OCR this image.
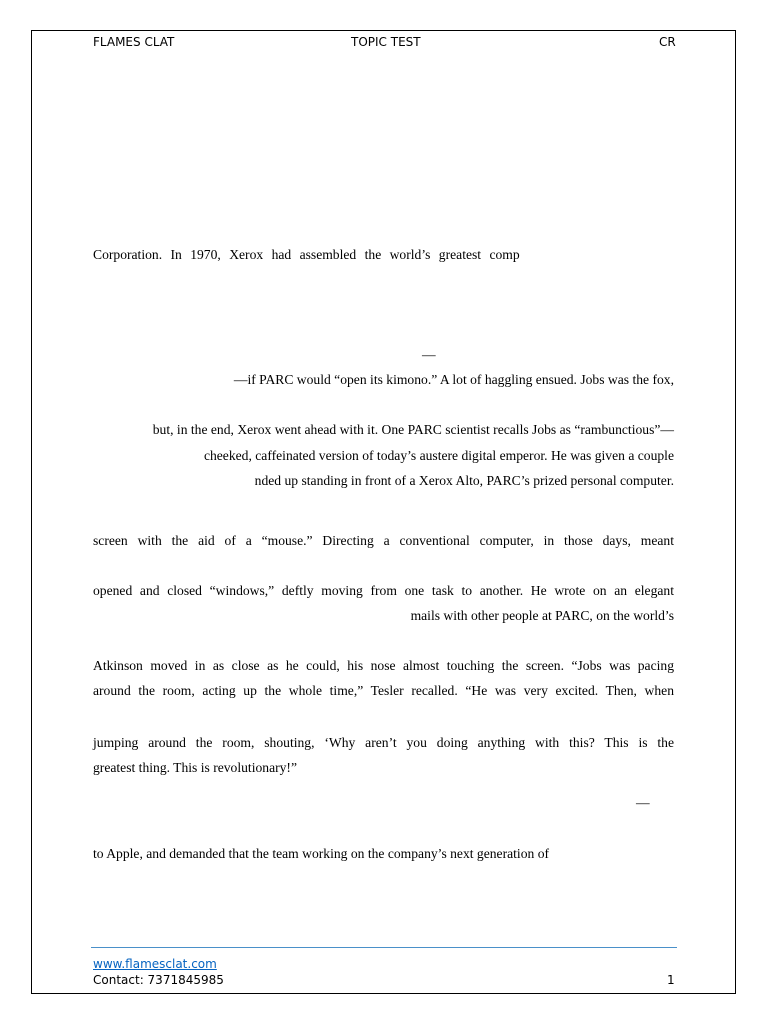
FLAMES CLAT	TOPIC TEST	CR
Corporation. In 1970, Xerox had assembled the world’s greatest comp
—
—if PARC would “open its kimono.” A lot of haggling ensued. Jobs was the fox,
but, in the end, Xerox went ahead with it. One PARC scientist recalls Jobs as “rambunctious”—
cheeked, caffeinated version of today’s austere digital emperor. He was given a couple
nded up standing in front of a Xerox Alto, PARC’s prized personal computer.
screen with the aid of a “mouse.” Directing a conventional computer, in those days, meant
opened and closed “windows,” deftly moving from one task to another. He wrote on an elegant
mails with other people at PARC, on the world’s
Atkinson moved in as close as he could, his nose almost touching the screen. “Jobs was pacing
around the room, acting up the whole time,” Tesler recalled. “He was very excited. Then, when
jumping around the room, shouting, ‘Why aren’t you doing anything with this? This is the
greatest thing. This is revolutionary!”
—
to Apple, and demanded that the team working on the company’s next generation of
www.flamesclat.com
Contact: 7371845985	1
